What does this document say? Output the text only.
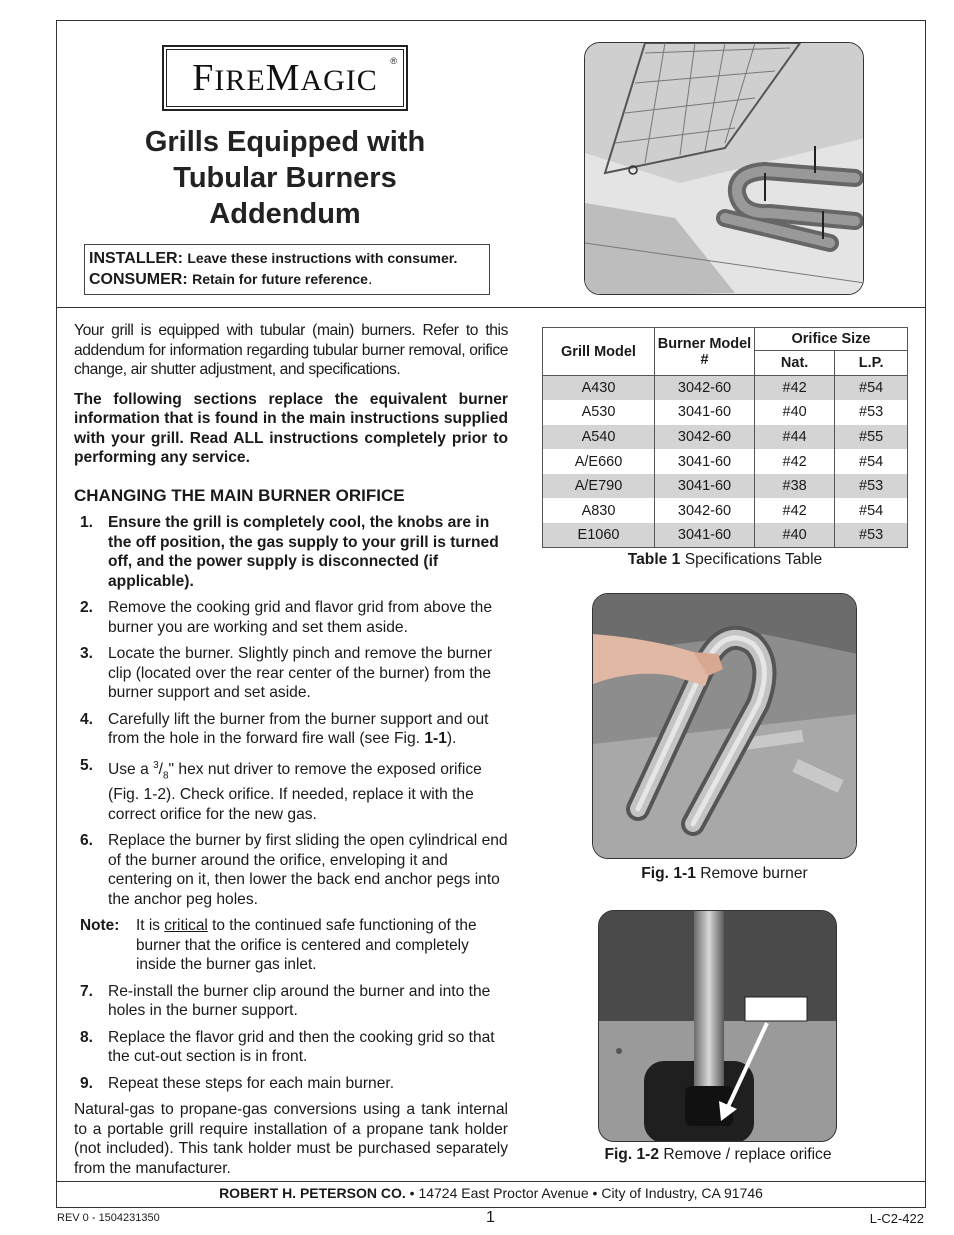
FIREMAGIC
®
Grills Equipped with
Tubular Burners
Addendum
INSTALLER: Leave these instructions with consumer.
CONSUMER: Retain for future reference.

Your grill is equipped with tubular (main) burners. Refer to this addendum for information regarding tubular burner removal, orifice change, air shutter adjustment, and specifications.

The following sections replace the equivalent burner information that is found in the main instructions supplied with your grill. Read ALL instructions completely prior to performing any service.

CHANGING THE MAIN BURNER ORIFICE
1. Ensure the grill is completely cool, the knobs are in the off position, the gas supply to your grill is turned off, and the power supply is disconnected (if applicable).
2. Remove the cooking grid and flavor grid from above the burner you are working and set them aside.
3. Locate the burner. Slightly pinch and remove the burner clip (located over the rear center of the burner) from the burner support and set aside.
4. Carefully lift the burner from the burner support and out from the hole in the forward fire wall (see Fig. 1-1).
5. Use a $^3/_8$" hex nut driver to remove the exposed orifice (Fig. 1-2). Check orifice. If needed, replace it with the correct orifice for the new gas.
6. Replace the burner by first sliding the open cylindrical end of the burner around the orifice, enveloping it and centering on it, then lower the back end anchor pegs into the anchor peg holes.
Note:	It is critical to the continued safe functioning of the burner that the orifice is centered and completely inside the burner gas inlet.
7. Re-install the burner clip around the burner and into the holes in the burner support.
8. Replace the flavor grid and then the cooking grid so that the cut-out section is in front.
9. Repeat these steps for each main burner.

Natural-gas to propane-gas conversions using a tank internal to a portable grill require installation of a propane tank holder (not included). This tank holder must be purchased separately from the manufacturer.

Grill Model	Burner Model #	Orifice Size	
		Nat.	L.P.
A430	3042-60	#42	#54
A530	3041-60	#40	#53
A540	3042-60	#44	#55
A/E660	3041-60	#42	#54
A/E790	3041-60	#38	#53
A830	3042-60	#42	#54
E1060	3041-60	#40	#53
Table 1 Specifications Table
Fig. 1-1 Remove burner
Fig. 1-2 Remove / replace orifice
ROBERT H. PETERSON CO. • 14724 East Proctor Avenue • City of Industry, CA 91746
REV 0 - 1504231350	1	L-C2-422
